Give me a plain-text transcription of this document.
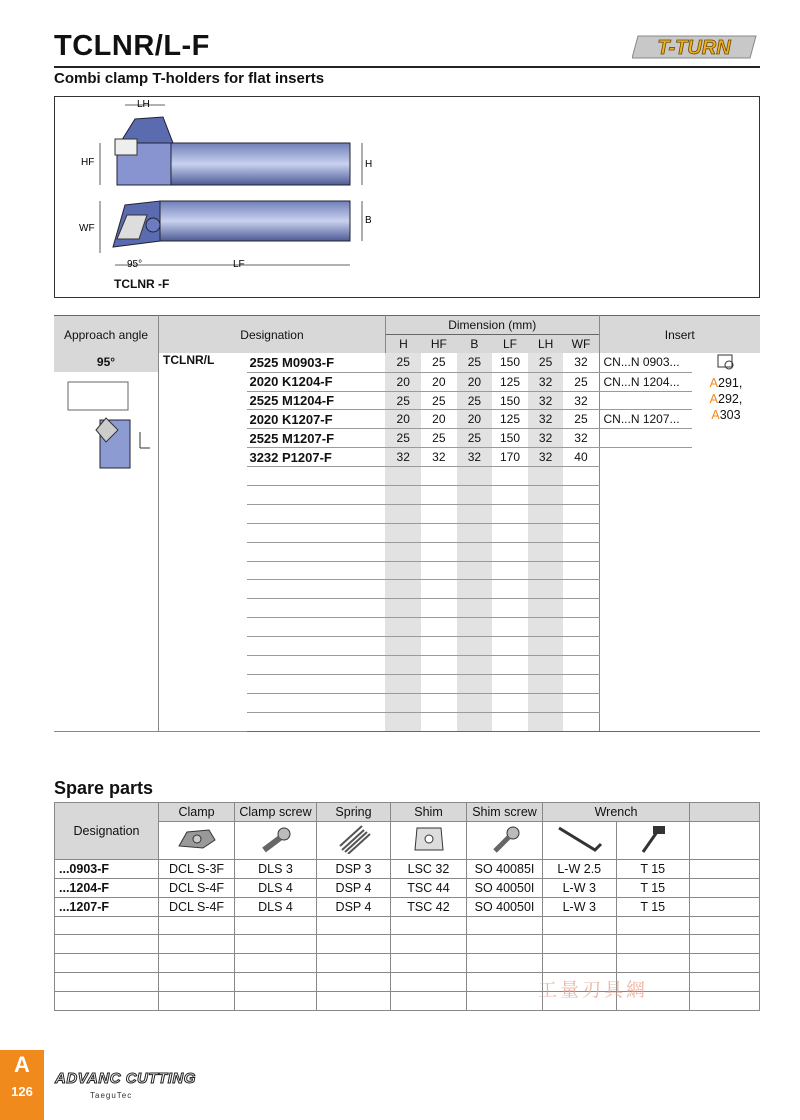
TCLNR/L-F	T-TURN
Combi clamp T-holders for flat inserts
LH
HF	H
WF
B
95°	LF
TCLNR -F
Approach angle	Designation		Dimension (mm)						Insert	
			H	HF	B	LF	LH	WF		

95°	TCLNR/L	2525 M0903-F	25	25	25	150	25	32	CN...N 0903...	A291, A292,
A303
		2020 K1204-F	20	20	20	125	32	25	CN...N 1204...	
		2525 M1204-F	25	25	25	150	32	32		
		2020 K1207-F	20	20	20	125	32	25	CN...N 1207...	
		2525 M1207-F	25	25	25	150	32	32		
		3232 P1207-F	32	32	32	170	32	40		

Spare parts
Designation	Clamp	Clamp screw	Spring	Shim	Shim screw	Wrench		

...0903-F	DCL S-3F	DLS 3	DSP 3	LSC 32	SO 40085I	L-W 2.5	T 15	
...1204-F	DCL S-4F	DLS 4	DSP 4	TSC 44	SO 40050I	L-W 3	T 15	
...1207-F	DCL S-4F	DLS 4	DSP 4	TSC 42	SO 40050I	L-W 3	T 15	

A
126
ADVANC CUTTING
TaeguTec
工量刃具網
